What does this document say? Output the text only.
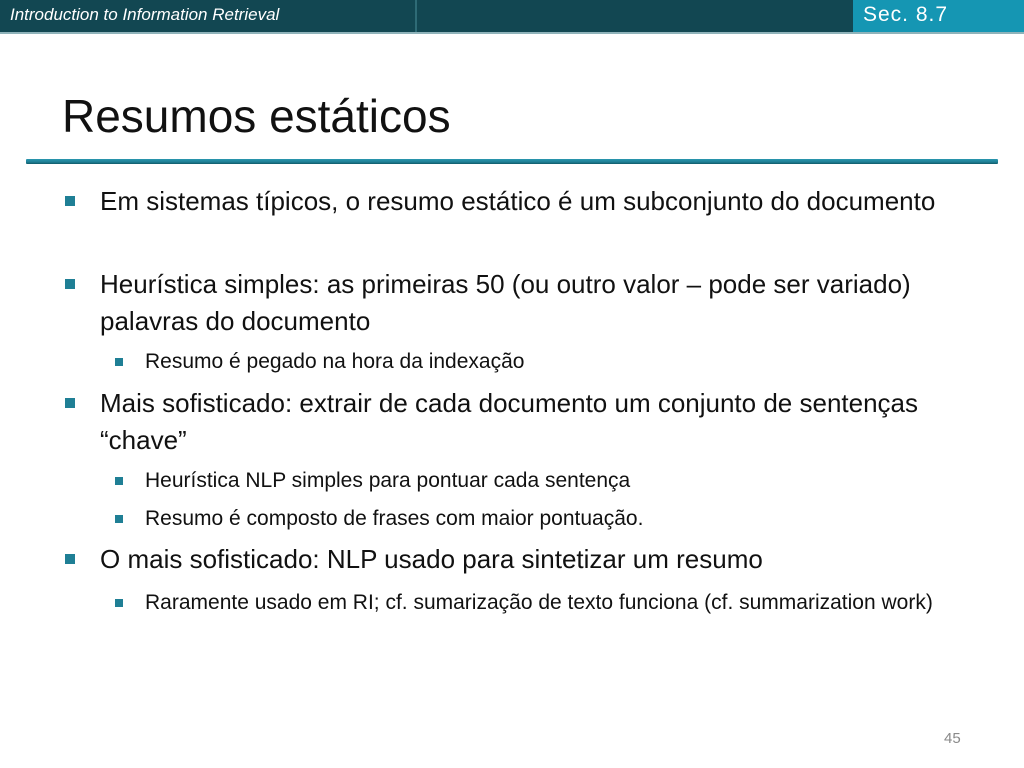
Introduction to Information Retrieval	Sec. 8.7
Resumos estáticos
Em sistemas típicos, o resumo estático é um subconjunto do documento
Heurística simples: as primeiras 50 (ou outro valor – pode ser variado) palavras do documento
Resumo é pegado na hora da indexação
Mais sofisticado: extrair de cada documento um conjunto de sentenças “chave”
Heurística NLP simples para pontuar cada sentença
Resumo é composto de frases com maior pontuação.
O mais sofisticado: NLP usado para sintetizar um resumo
Raramente usado em RI; cf. sumarização de texto funciona (cf. summarization work)
45
